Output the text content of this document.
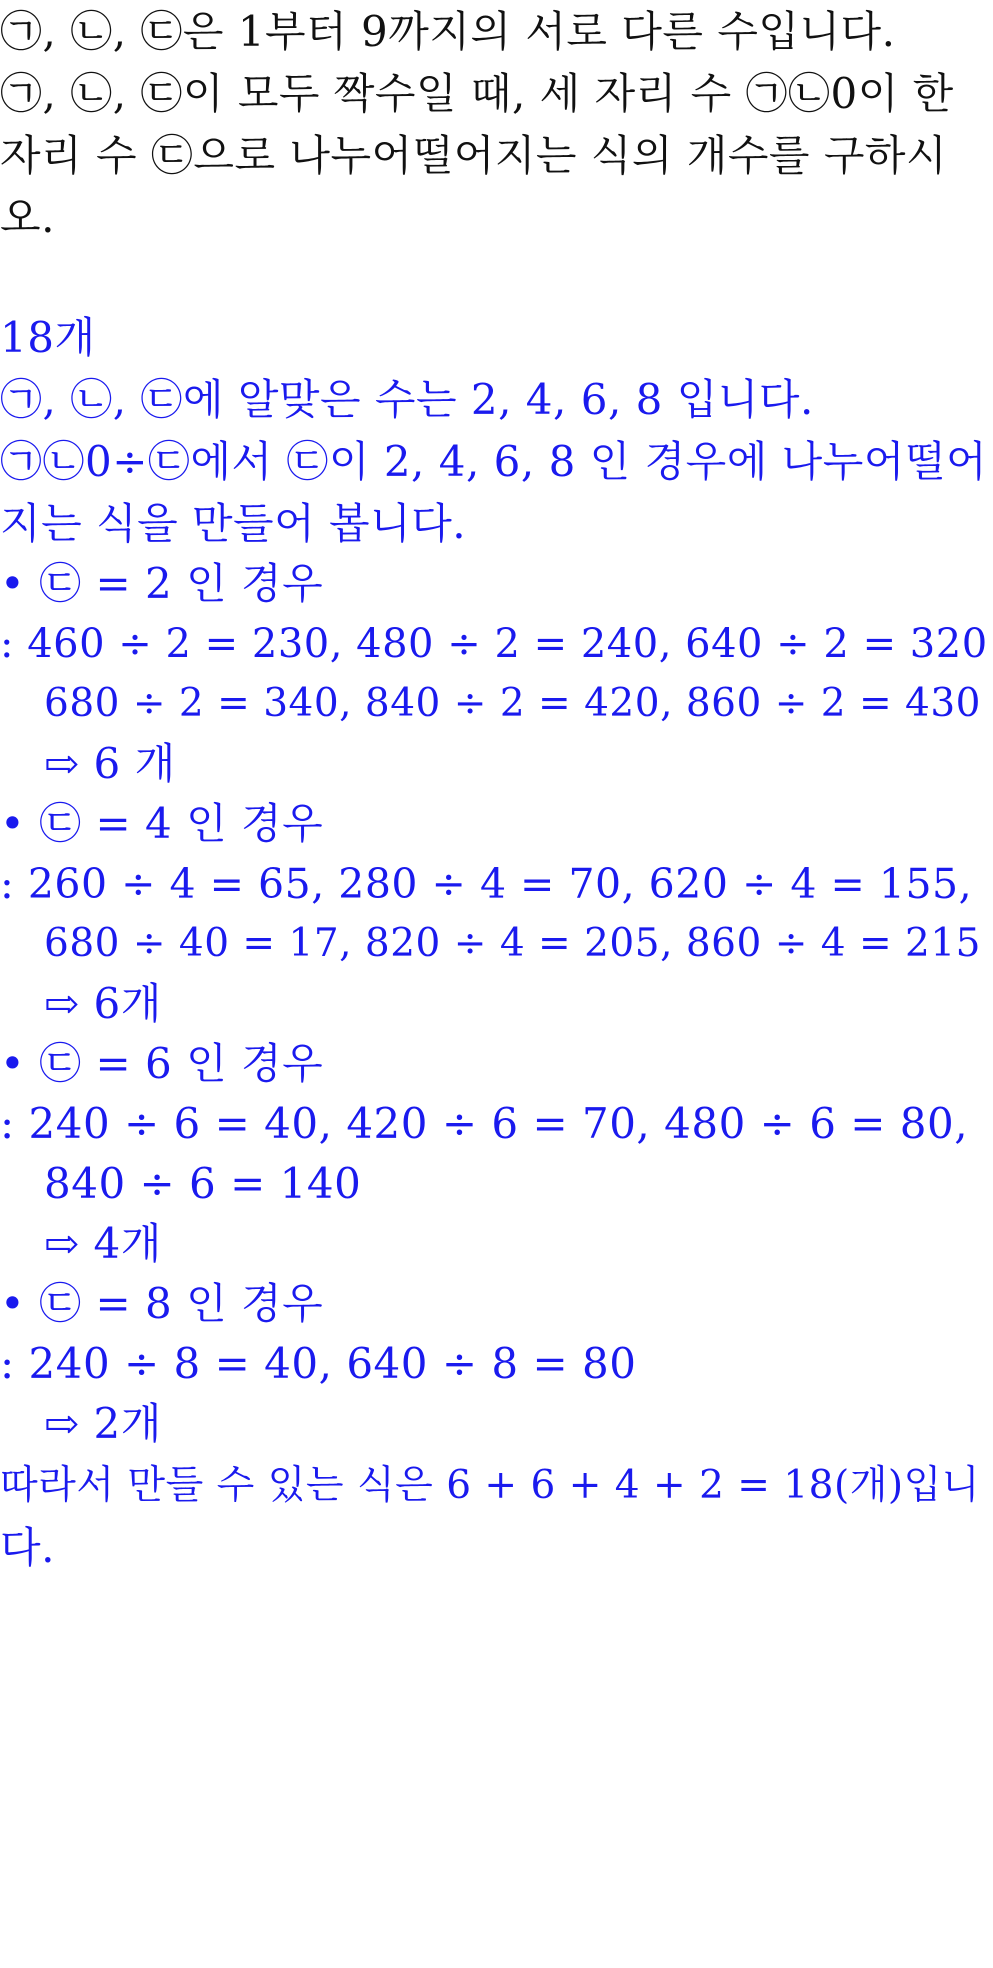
㉠, ㉡, ㉢은 1부터 9까지의 서로 다른 수입니다.
㉠, ㉡, ㉢이 모두 짝수일 때, 세 자리 수 ㉠㉡0이 한
자리 수 ㉢으로 나누어떨어지는 식의 개수를 구하시
오.
18개
㉠, ㉡, ㉢에 알맞은 수는 2, 4, 6, 8 입니다.
㉠㉡0÷㉢에서 ㉢이 2, 4, 6, 8 인 경우에 나누어떨어
지는 식을 만들어 봅니다.
• ㉢ = 2 인 경우
: 460 ÷ 2 = 230, 480 ÷ 2 = 240, 640 ÷ 2 = 320
680 ÷ 2 = 340, 840 ÷ 2 = 420, 860 ÷ 2 = 430
⇨ 6 개
• ㉢ = 4 인 경우
: 260 ÷ 4 = 65, 280 ÷ 4 = 70, 620 ÷ 4 = 155,
680 ÷ 40 = 17, 820 ÷ 4 = 205, 860 ÷ 4 = 215
⇨ 6개
• ㉢ = 6 인 경우
: 240 ÷ 6 = 40, 420 ÷ 6 = 70, 480 ÷ 6 = 80,
840 ÷ 6 = 140
⇨ 4개
• ㉢ = 8 인 경우
: 240 ÷ 8 = 40, 640 ÷ 8 = 80
⇨ 2개
따라서 만들 수 있는 식은 6 + 6 + 4 + 2 = 18(개)입니
다.
